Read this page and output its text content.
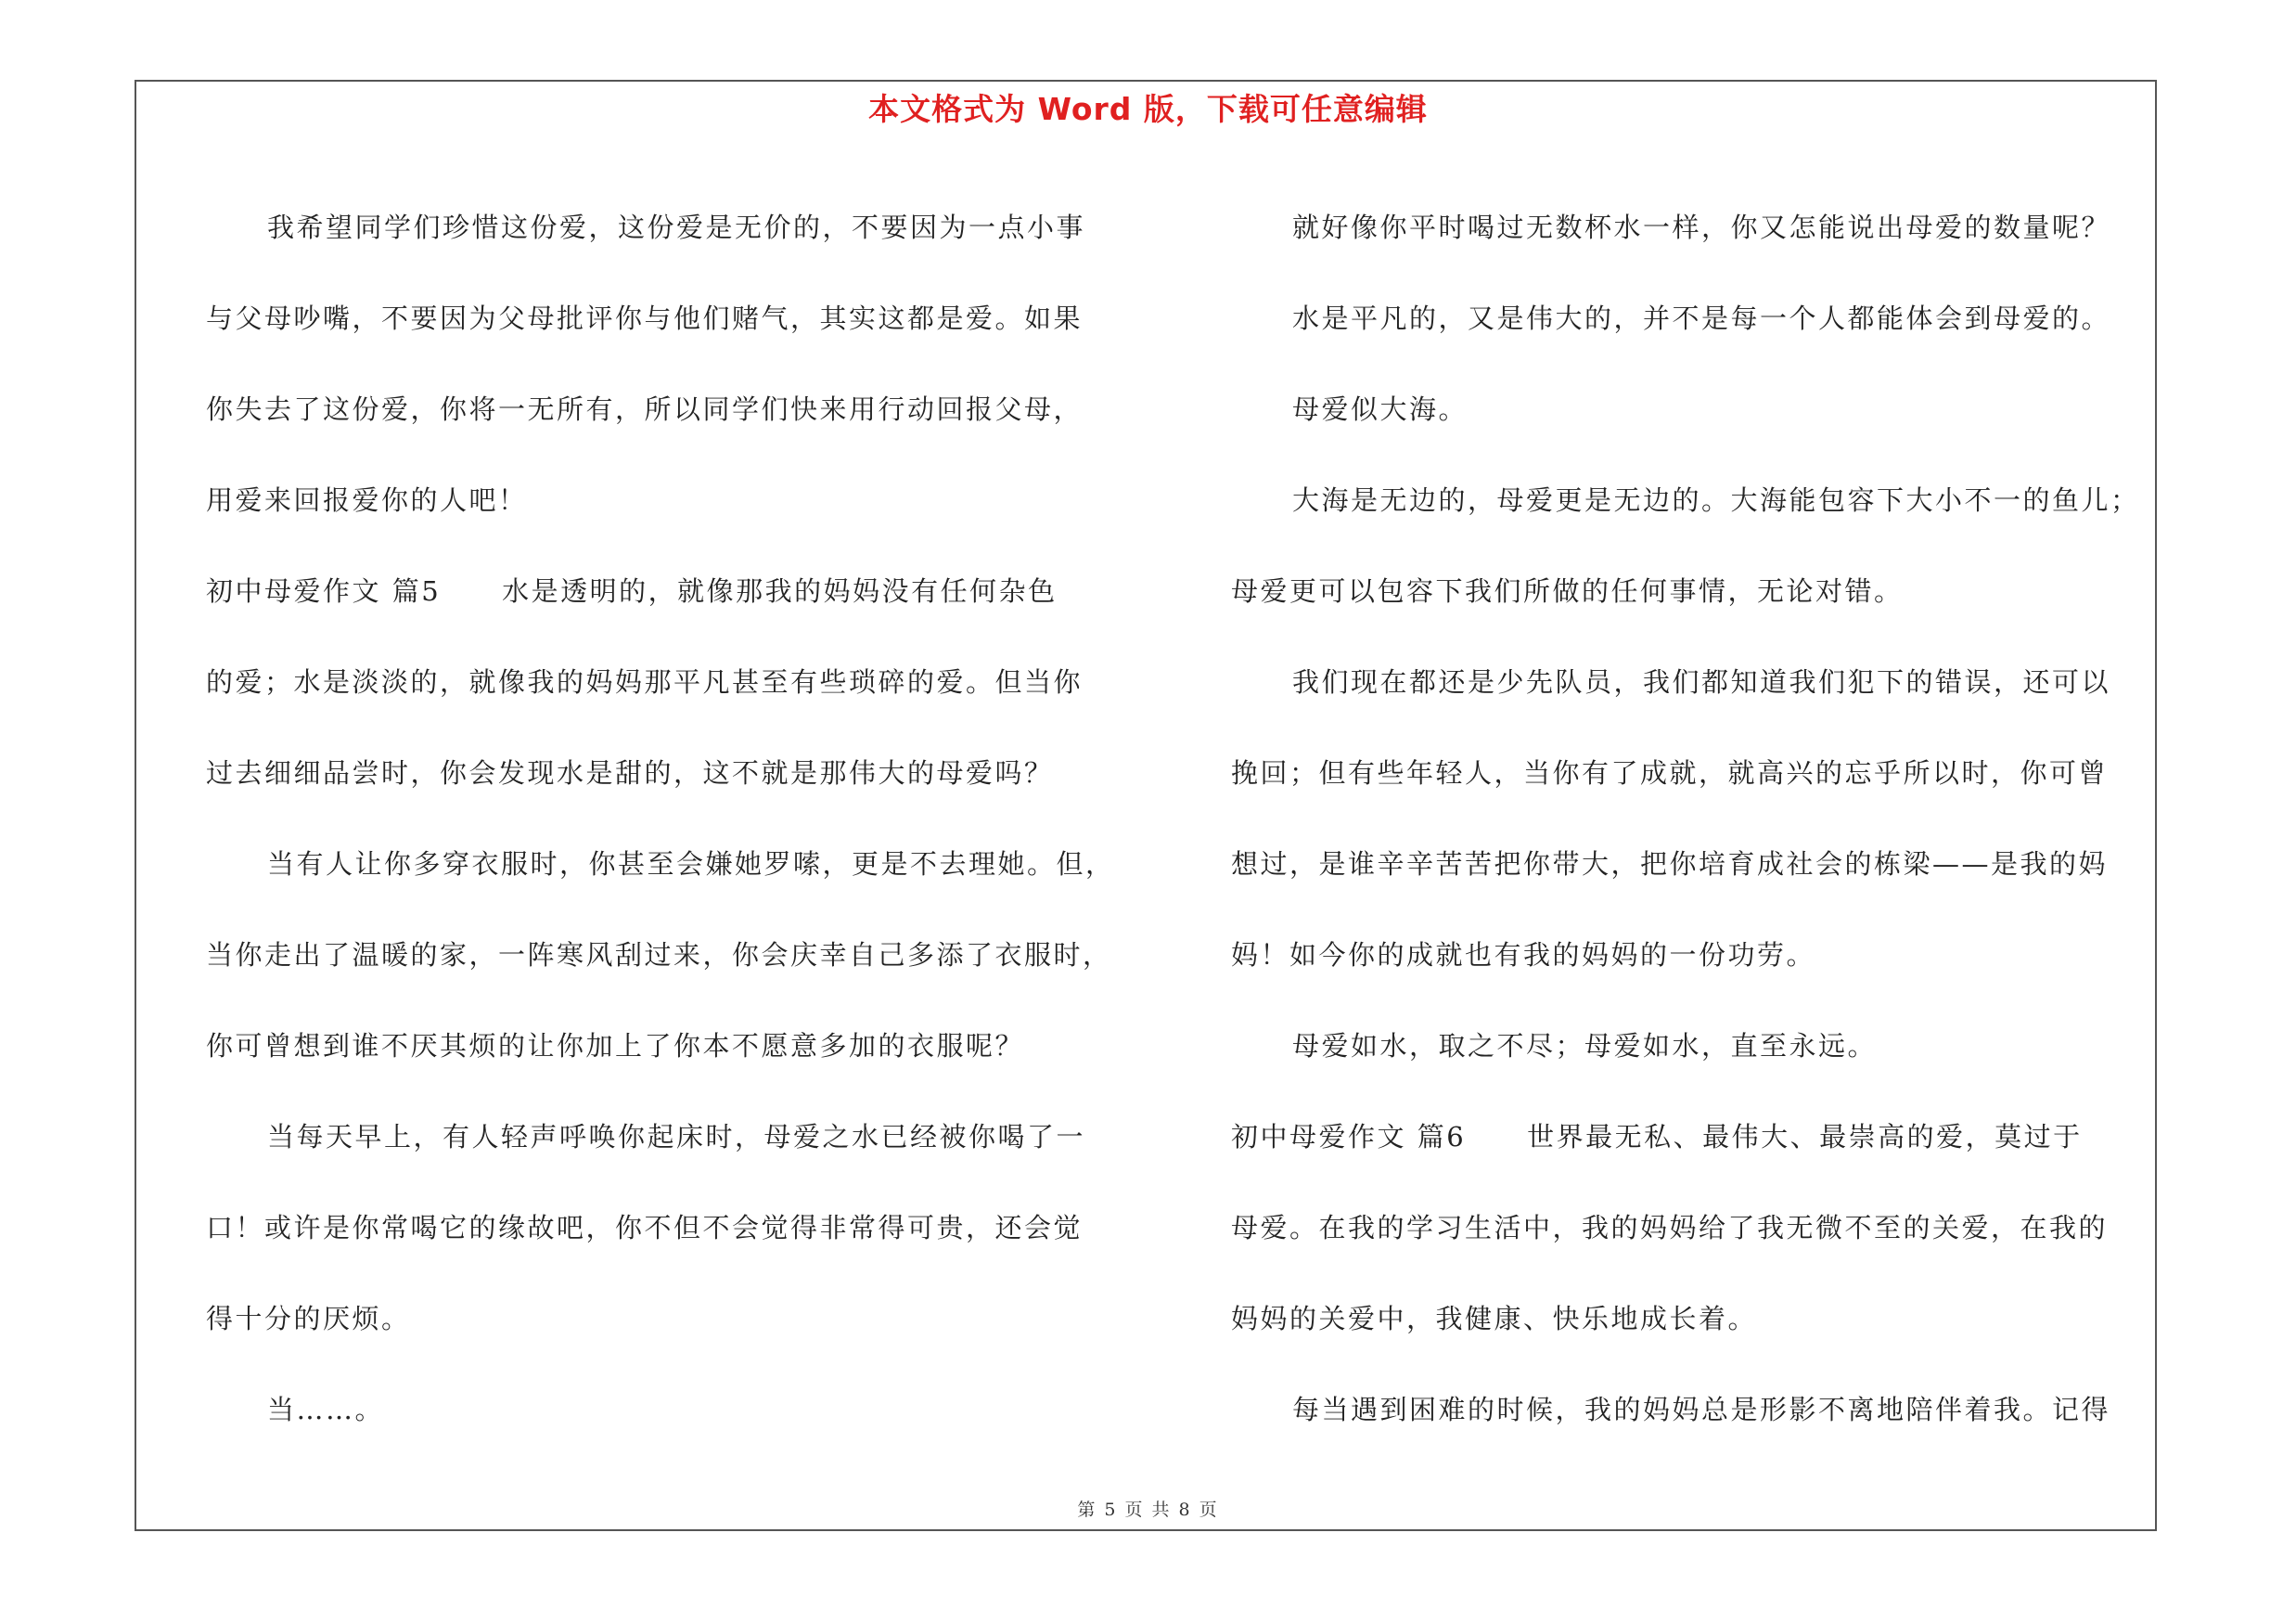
本文格式为 Word 版，下载可任意编辑
我希望同学们珍惜这份爱，这份爱是无价的，不要因为一点小事
与父母吵嘴，不要因为父母批评你与他们赌气，其实这都是爱。如果
你失去了这份爱，你将一无所有，所以同学们快来用行动回报父母，
用爱来回报爱你的人吧！
初中母爱作文 篇5 水是透明的，就像那我的妈妈没有任何杂色
的爱；水是淡淡的，就像我的妈妈那平凡甚至有些琐碎的爱。但当你
过去细细品尝时，你会发现水是甜的，这不就是那伟大的母爱吗？
当有人让你多穿衣服时，你甚至会嫌她罗嗦，更是不去理她。但，
当你走出了温暖的家，一阵寒风刮过来，你会庆幸自己多添了衣服时，
你可曾想到谁不厌其烦的让你加上了你本不愿意多加的衣服呢？
当每天早上，有人轻声呼唤你起床时，母爱之水已经被你喝了一
口！或许是你常喝它的缘故吧，你不但不会觉得非常得可贵，还会觉
得十分的厌烦。
当……。
就好像你平时喝过无数杯水一样，你又怎能说出母爱的数量呢？
水是平凡的，又是伟大的，并不是每一个人都能体会到母爱的。
母爱似大海。
大海是无边的，母爱更是无边的。大海能包容下大小不一的鱼儿；
母爱更可以包容下我们所做的任何事情，无论对错。
我们现在都还是少先队员，我们都知道我们犯下的错误，还可以
挽回；但有些年轻人，当你有了成就，就高兴的忘乎所以时，你可曾
想过，是谁辛辛苦苦把你带大，把你培育成社会的栋梁——是我的妈
妈！如今你的成就也有我的妈妈的一份功劳。
母爱如水，取之不尽；母爱如水，直至永远。
初中母爱作文 篇6 世界最无私、最伟大、最崇高的爱，莫过于
母爱。在我的学习生活中，我的妈妈给了我无微不至的关爱，在我的
妈妈的关爱中，我健康、快乐地成长着。
每当遇到困难的时候，我的妈妈总是形影不离地陪伴着我。记得
第 5 页 共 8 页
